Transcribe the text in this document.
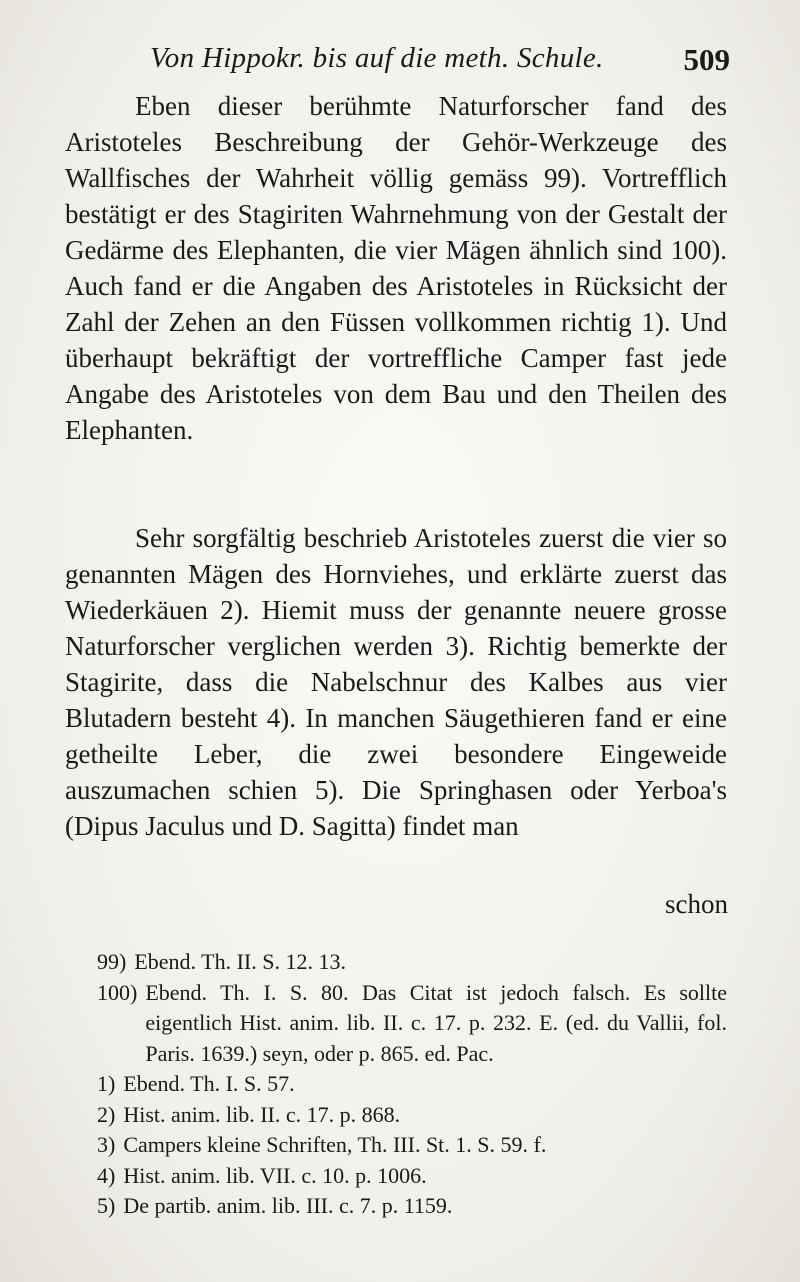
Von Hippokr. bis auf die meth. Schule.	509
Eben dieser berühmte Naturforscher fand des Aristoteles Beschreibung der Gehör-Werkzeuge des Wallfisches der Wahrheit völlig gemäss 99). Vortrefflich bestätigt er des Stagiriten Wahrnehmung von der Gestalt der Gedärme des Elephanten, die vier Mägen ähnlich sind 100). Auch fand er die Angaben des Aristoteles in Rücksicht der Zahl der Zehen an den Füssen vollkommen richtig 1). Und überhaupt bekräftigt der vortreffliche Camper fast jede Angabe des Aristoteles von dem Bau und den Theilen des Elephanten.
Sehr sorgfältig beschrieb Aristoteles zuerst die vier so genannten Mägen des Hornviehes, und erklärte zuerst das Wiederkäuen 2). Hiemit muss der genannte neuere grosse Naturforscher verglichen werden 3). Richtig bemerkte der Stagirite, dass die Nabelschnur des Kalbes aus vier Blutadern besteht 4). In manchen Säugethieren fand er eine getheilte Leber, die zwei besondere Eingeweide auszumachen schien 5). Die Springhasen oder Yerboa's (Dipus Jaculus und D. Sagitta) findet man
schon
99) Ebend. Th. II. S. 12. 13.
100) Ebend. Th. I. S. 80. Das Citat ist jedoch falsch. Es sollte eigentlich Hist. anim. lib. II. c. 17. p. 232. E. (ed. du Vallii, fol. Paris. 1639.) seyn, oder p. 865. ed. Pac.
1) Ebend. Th. I. S. 57.
2) Hist. anim. lib. II. c. 17. p. 868.
3) Campers kleine Schriften, Th. III. St. 1. S. 59. f.
4) Hist. anim. lib. VII. c. 10. p. 1006.
5) De partib. anim. lib. III. c. 7. p. 1159.
